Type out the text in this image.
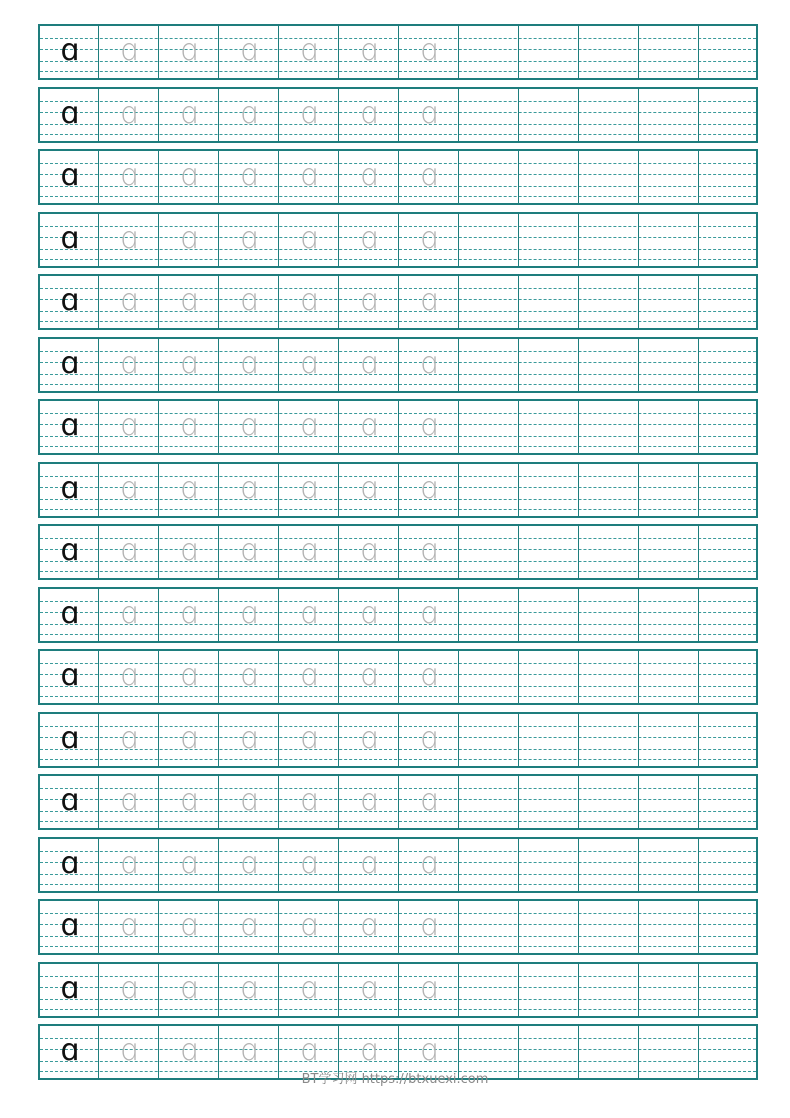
ɑ	ɑ	ɑ	ɑ	ɑ	ɑ	ɑ
ɑ	ɑ	ɑ	ɑ	ɑ	ɑ	ɑ
ɑ	ɑ	ɑ	ɑ	ɑ	ɑ	ɑ
ɑ	ɑ	ɑ	ɑ	ɑ	ɑ	ɑ
ɑ	ɑ	ɑ	ɑ	ɑ	ɑ	ɑ
ɑ	ɑ	ɑ	ɑ	ɑ	ɑ	ɑ
ɑ	ɑ	ɑ	ɑ	ɑ	ɑ	ɑ
ɑ	ɑ	ɑ	ɑ	ɑ	ɑ	ɑ
ɑ	ɑ	ɑ	ɑ	ɑ	ɑ	ɑ
ɑ	ɑ	ɑ	ɑ	ɑ	ɑ	ɑ
ɑ	ɑ	ɑ	ɑ	ɑ	ɑ	ɑ
ɑ	ɑ	ɑ	ɑ	ɑ	ɑ	ɑ
ɑ	ɑ	ɑ	ɑ	ɑ	ɑ	ɑ
ɑ	ɑ	ɑ	ɑ	ɑ	ɑ	ɑ
ɑ	ɑ	ɑ	ɑ	ɑ	ɑ	ɑ
ɑ	ɑ	ɑ	ɑ	ɑ	ɑ	ɑ
ɑ	ɑ	ɑ	ɑ	ɑ	ɑ	ɑ
BT学习网 https://btxuexi.com
